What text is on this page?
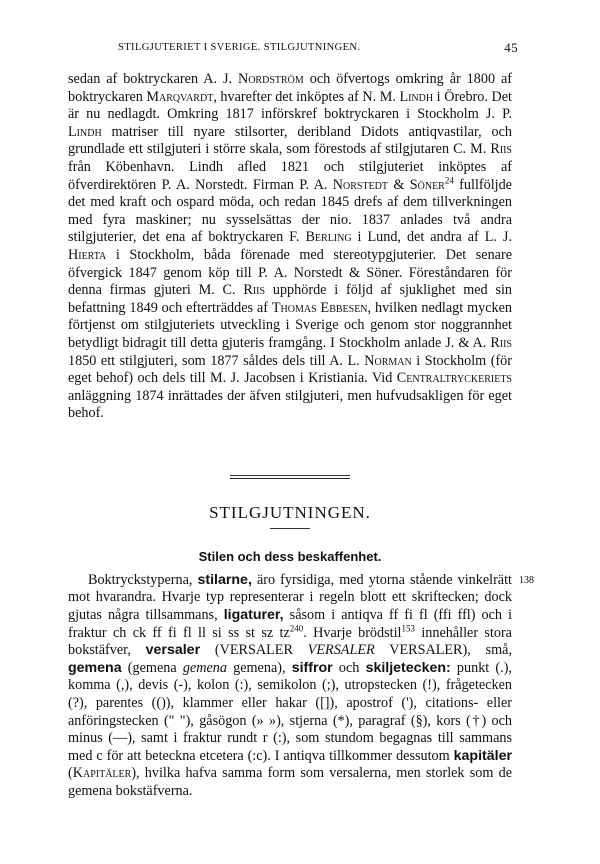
STILGJUTERIET I SVERIGE. STILGJUTNINGEN.	45

sedan af boktryckaren A. J. Nordström och öfvertogs omkring år 1800 af boktryckaren Marqvardt, hvarefter det inköptes af N. M. Lindh i Örebro. Det är nu nedlagdt. Omkring 1817 införskref boktryckaren i Stockholm J. P. Lindh matriser till nyare stilsorter, deribland Didots antiqvastilar, och grundlade ett stilgjuteri i större skala, som förestods af stilgjutaren C. M. Riis från Köbenhavn. Lindh afled 1821 och stilgjuteriet inköptes af öfverdirektören P. A. Norstedt. Firman P. A. Norstedt & Söner$^{24}$ fullföljde det med kraft och ospard möda, och redan 1845 drefs af dem tillverkningen med fyra maskiner; nu sysselsättas der nio. 1837 anlades två andra stilgjuterier, det ena af boktryckaren F. Berling i Lund, det andra af L. J. Hierta i Stockholm, båda förenade med stereotypgjuterier. Det senare öfvergick 1847 genom köp till P. A. Norstedt & Söner. Föreståndaren för denna firmas gjuteri M. C. Riis upphörde i följd af sjuklighet med sin befattning 1849 och efterträddes af Thomas Ebbesen, hvilken nedlagt mycken förtjenst om stilgjuteriets utveckling i Sverige och genom stor noggrannhet betydligt bidragit till detta gjuteris framgång. I Stockholm anlade J. & A. Riis 1850 ett stilgjuteri, som 1877 såldes dels till A. L. Norman i Stockholm (för eget behof) och dels till M. J. Jacobsen i Kristiania. Vid Centraltryckeriets anläggning 1874 inrättades der äfven stilgjuteri, men hufvudsakligen för eget behof.

STILGJUTNINGEN.
Stilen och dess beskaffenhet.
138

Boktryckstyperna, stilarne, äro fyrsidiga, med ytorna stående vinkelrätt mot hvarandra. Hvarje typ representerar i regeln blott ett skriftecken; dock gjutas några tillsammans, ligaturer, såsom i antiqva ff fi fl (ffi ffl) och i fraktur ch ck ff fi fl ll si ss st sz $tz^{240}$. Hvarje brödstil$^{153}$ innehåller stora bokstäfver, versaler (VERSALER VERSALER VERSALER), små, gemena (gemena gemena gemena), siffror och skiljetecken: punkt (.), komma (,), devis (-), kolon (:), semikolon (;), utropstecken (!), frågetecken (?), parentes (()), klammer eller hakar ([]), apostrof ('), citations- eller anföringstecken (" "), gåsögon (» »), stjerna (*), paragraf (§), kors (†) och minus (—), samt i fraktur rundt r (:), som stundom begagnas till sammans med c för att beteckna etcetera (:c). I antiqva tillkommer dessutom kapitäler (Kapitäler), hvilka hafva samma form som versalerna, men storlek som de gemena bokstäfverna.
